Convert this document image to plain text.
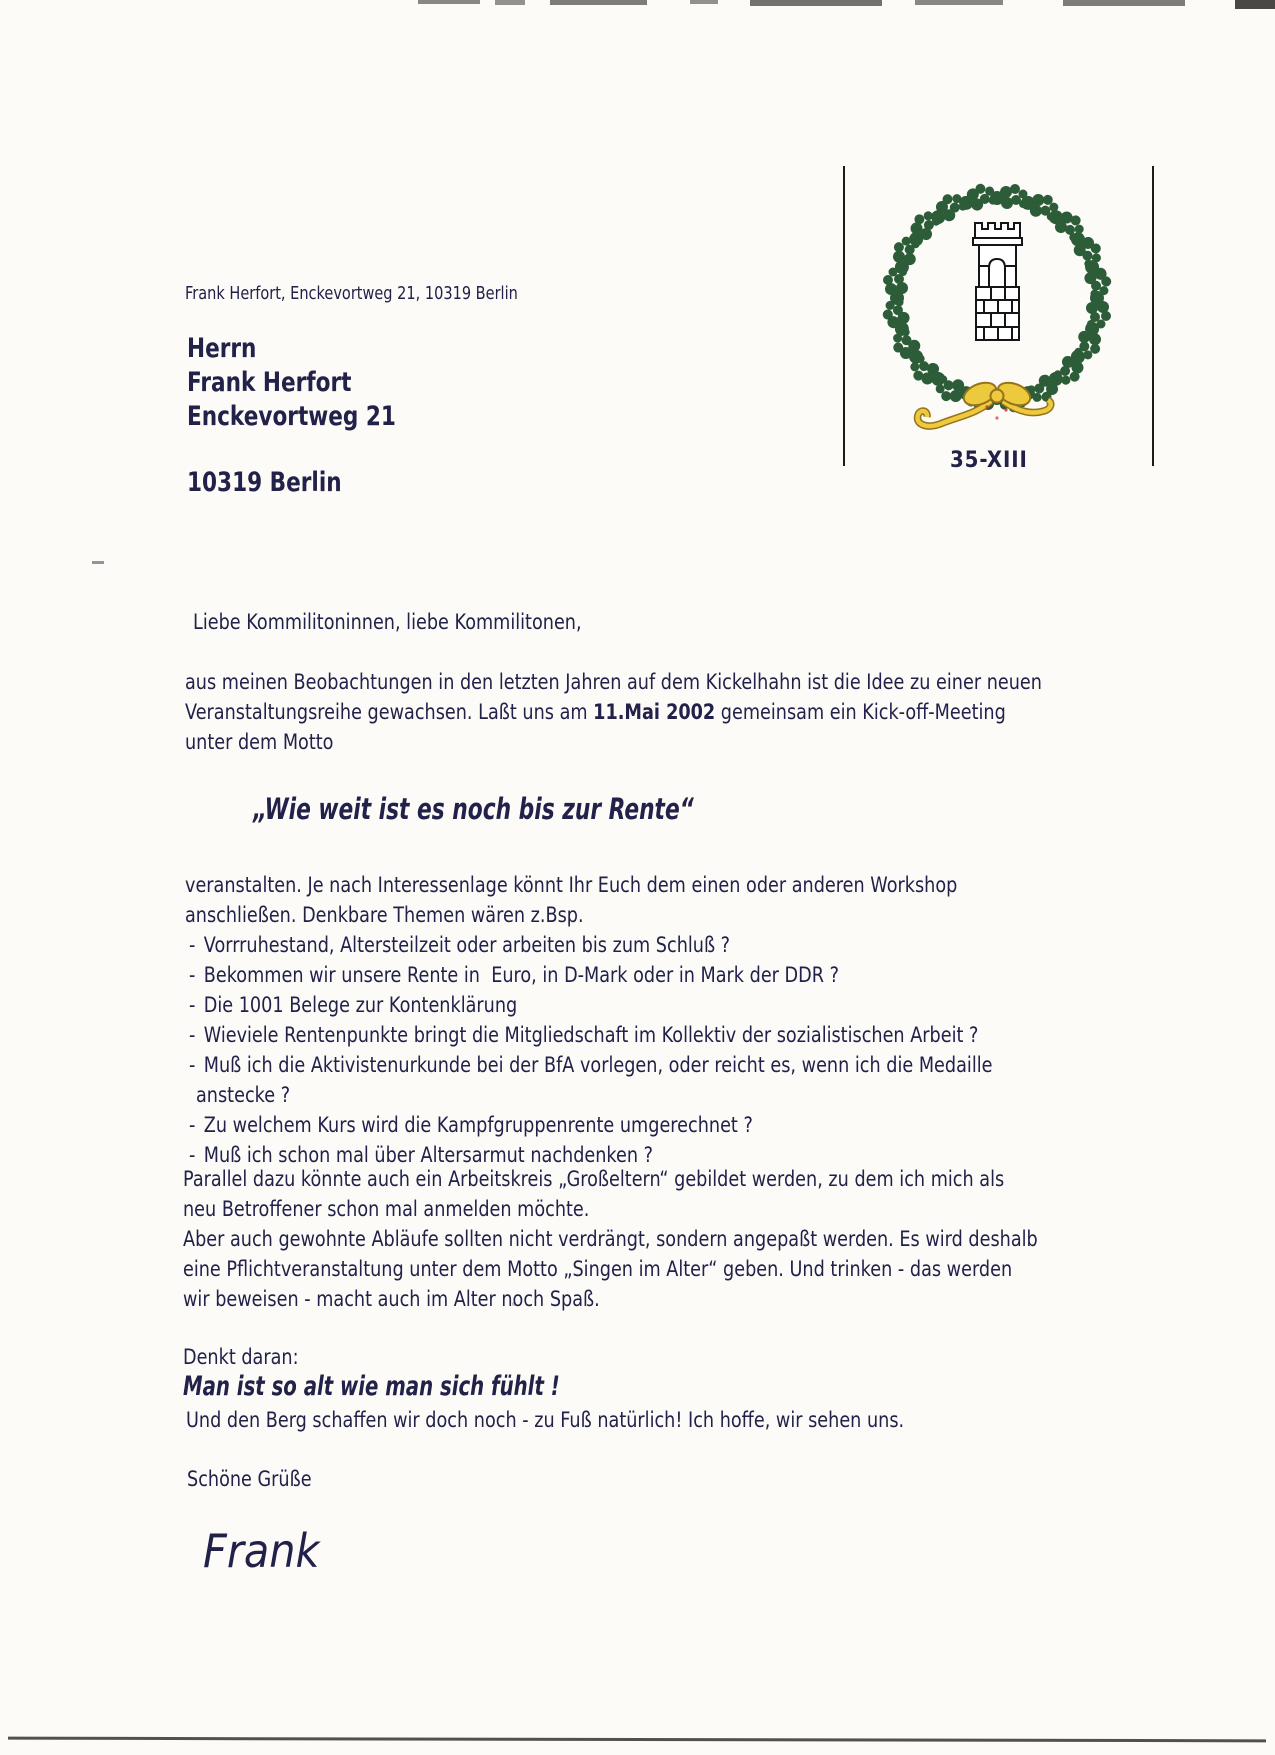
Frank Herfort, Enckevortweg 21, 10319 Berlin
Herrn
Frank Herfort
Enckevortweg 21
10319 Berlin
35-XIII
Liebe Kommilitoninnen, liebe Kommilitonen,
aus meinen Beobachtungen in den letzten Jahren auf dem Kickelhahn ist die Idee zu einer neuen
Veranstaltungsreihe gewachsen. Laßt uns am 11.Mai 2002 gemeinsam ein Kick-off-Meeting
unter dem Motto
„Wie weit ist es noch bis zur Rente“
veranstalten. Je nach Interessenlage könnt Ihr Euch dem einen oder anderen Workshop
anschließen. Denkbare Themen wären z.Bsp.
- Vorrruhestand, Altersteilzeit oder arbeiten bis zum Schluß ?
- Bekommen wir unsere Rente in  Euro, in D-Mark oder in Mark der DDR ?
- Die 1001 Belege zur Kontenklärung
- Wieviele Rentenpunkte bringt die Mitgliedschaft im Kollektiv der sozialistischen Arbeit ?
- Muß ich die Aktivistenurkunde bei der BfA vorlegen, oder reicht es, wenn ich die Medaille
anstecke ?
- Zu welchem Kurs wird die Kampfgruppenrente umgerechnet ?
- Muß ich schon mal über Altersarmut nachdenken ?
Parallel dazu könnte auch ein Arbeitskreis „Großeltern“ gebildet werden, zu dem ich mich als
neu Betroffener schon mal anmelden möchte.
Aber auch gewohnte Abläufe sollten nicht verdrängt, sondern angepaßt werden. Es wird deshalb
eine Pflichtveranstaltung unter dem Motto „Singen im Alter“ geben. Und trinken - das werden
wir beweisen - macht auch im Alter noch Spaß.
Denkt daran:
Man ist so alt wie man sich fühlt !
Und den Berg schaffen wir doch noch - zu Fuß natürlich! Ich hoffe, wir sehen uns.
Schöne Grüße
Frank
